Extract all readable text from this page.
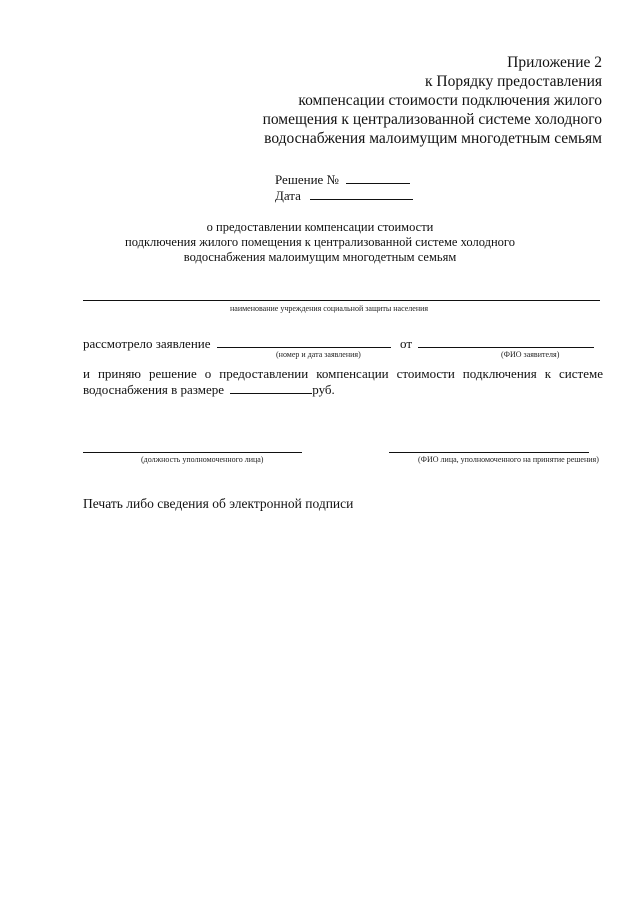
Приложение 2
к Порядку предоставления
компенсации стоимости подключения жилого
помещения к централизованной системе холодного
водоснабжения малоимущим многодетным семьям
Решение №
Дата
о предоставлении компенсации стоимости
подключения жилого помещения к централизованной системе холодного
водоснабжения малоимущим многодетным семьям
наименование учреждения социальной защиты населения
рассмотрело заявление	от
(номер и дата заявления)	(ФИО заявителя)
и приняю решение о предоставлении компенсации стоимости подключения к системе
водоснабжения в размере	руб.
(должность уполномоченного лица)	(ФИО лица, уполномоченного на принятие решения)
Печать либо сведения об электронной подписи
